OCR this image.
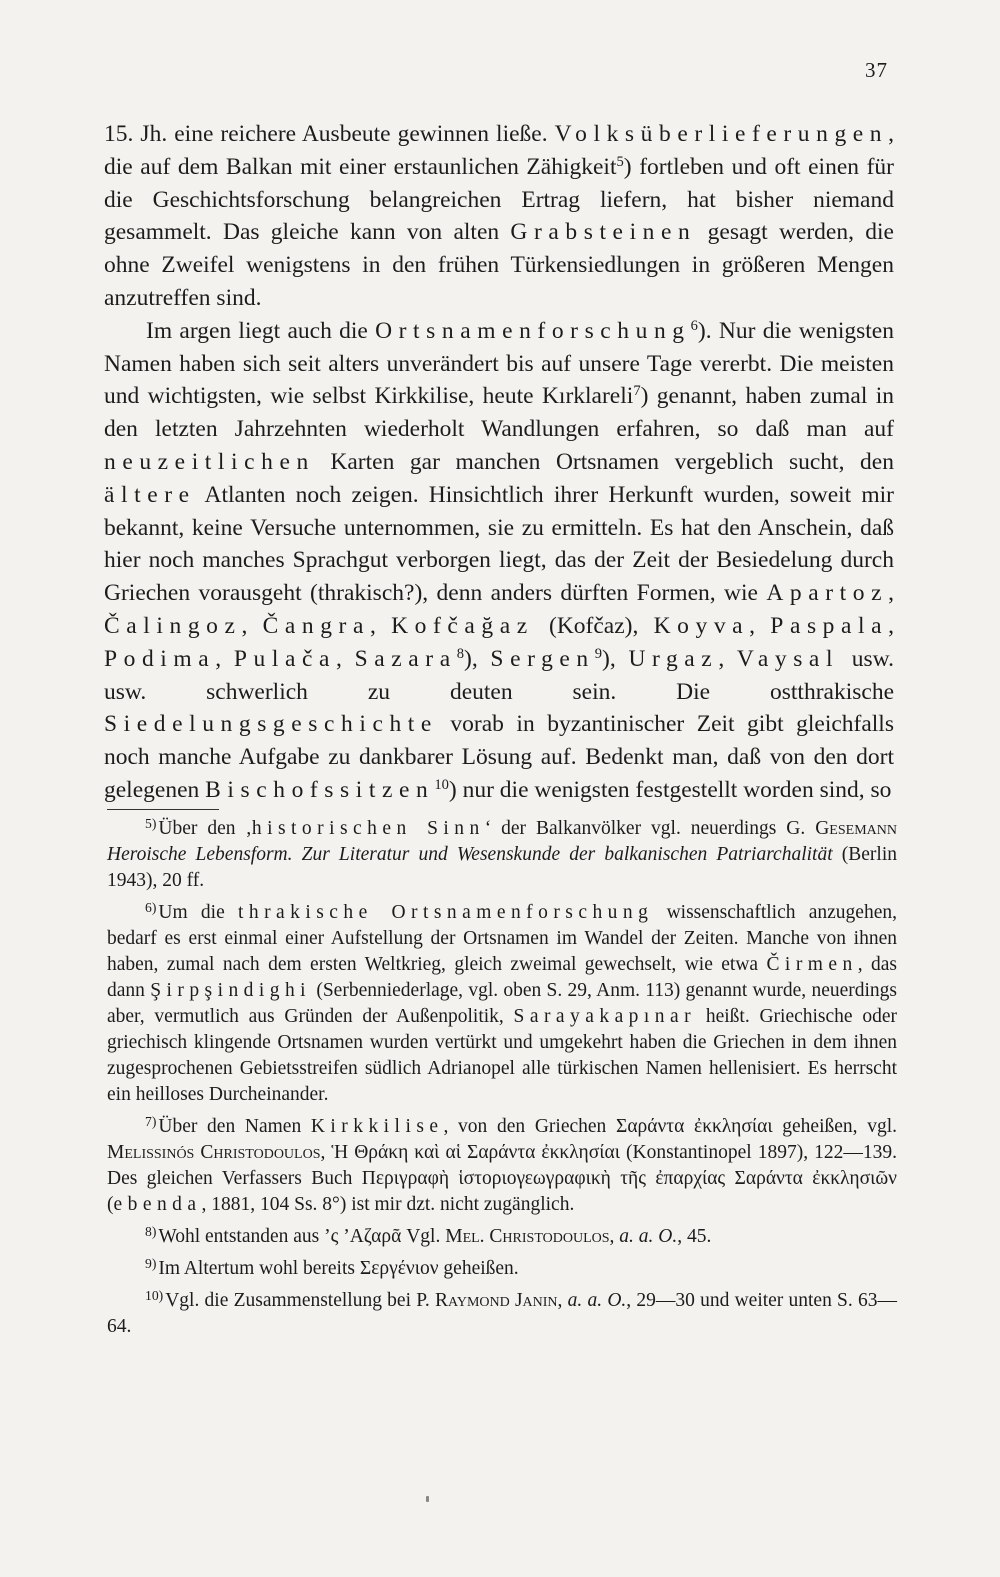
37

15. Jh. eine reichere Ausbeute gewinnen ließe. Volksüberlieferungen, die auf dem Balkan mit einer erstaunlichen Zähigkeit$^5$) fortleben und oft einen für die Geschichtsforschung belangreichen Ertrag liefern, hat bisher niemand gesammelt. Das gleiche kann von alten Grabsteinen gesagt werden, die ohne Zweifel wenigstens in den frühen Türkensiedlungen in größeren Mengen anzutreffen sind.

Im argen liegt auch die Ortsnamenforschung$^6$). Nur die wenigsten Namen haben sich seit alters unverändert bis auf unsere Tage vererbt. Die meisten und wichtigsten, wie selbst Kirkkilise, heute Kırklareli$^7$) genannt, haben zumal in den letzten Jahrzehnten wiederholt Wandlungen erfahren, so daß man auf neuzeitlichen Karten gar manchen Ortsnamen vergeblich sucht, den ältere Atlanten noch zeigen. Hinsichtlich ihrer Herkunft wurden, soweit mir bekannt, keine Versuche unternommen, sie zu ermitteln. Es hat den Anschein, daß hier noch manches Sprachgut verborgen liegt, das der Zeit der Besiedelung durch Griechen vorausgeht (thrakisch?), denn anders dürften Formen, wie Apartoz, Čalingoz, Čangra, Kofčağaz (Kofčaz), Koyva, Paspala, Podima, Pulača, Sazara$^8$), Sergen$^9$), Urgaz, Vaysal usw. usw. schwerlich zu deuten sein. Die ostthrakische Siedelungsgeschichte vorab in byzantinischer Zeit gibt gleichfalls noch manche Aufgabe zu dankbarer Lösung auf. Bedenkt man, daß von den dort gelegenen Bischofssitzen$^{10}$) nur die wenigsten festgestellt worden sind, so

$^{5)}$ Über den ‚historischen Sinn‘ der Balkanvölker vgl. neuerdings G. Gesemann Heroische Lebensform. Zur Literatur und Wesenskunde der balkanischen Patriarchalität (Berlin 1943), 20 ff.

$^{6)}$ Um die thrakische Ortsnamenforschung wissenschaftlich anzugehen, bedarf es erst einmal einer Aufstellung der Ortsnamen im Wandel der Zeiten. Manche von ihnen haben, zumal nach dem ersten Weltkrieg, gleich zweimal gewechselt, wie etwa Čirmen, das dann Şirpşindighi (Serbenniederlage, vgl. oben S. 29, Anm. 113) genannt wurde, neuerdings aber, vermutlich aus Gründen der Außenpolitik, Sarayakapınar heißt. Griechische oder griechisch klingende Ortsnamen wurden vertürkt und umgekehrt haben die Griechen in dem ihnen zugesprochenen Gebietsstreifen südlich Adrianopel alle türkischen Namen hellenisiert. Es herrscht ein heilloses Durcheinander.

$^{7)}$ Über den Namen Kirkkilise, von den Griechen Σαράντα ἐκκλησίαι geheißen, vgl. Melissinós Christodoulos, Ἡ Θράκη καὶ αἱ Σαράντα ἐκκλησίαι (Konstantinopel 1897), 122—139. Des gleichen Verfassers Buch Περιγραφὴ ἱστοριογεωγραφικὴ τῆς ἐπαρχίας Σαράντα ἐκκλησιῶν (ebenda, 1881, 104 Ss. 8°) ist mir dzt. nicht zugänglich.

$^{8)}$ Wohl entstanden aus ’ς ’Αζαρᾶ Vgl. Mel. Christodoulos, a. a. O., 45.

$^{9)}$ Im Altertum wohl bereits Σεργένιον geheißen.

$^{10)}$ Vgl. die Zusammenstellung bei P. Raymond Janin, a. a. O., 29—30 und weiter unten S. 63—64.
